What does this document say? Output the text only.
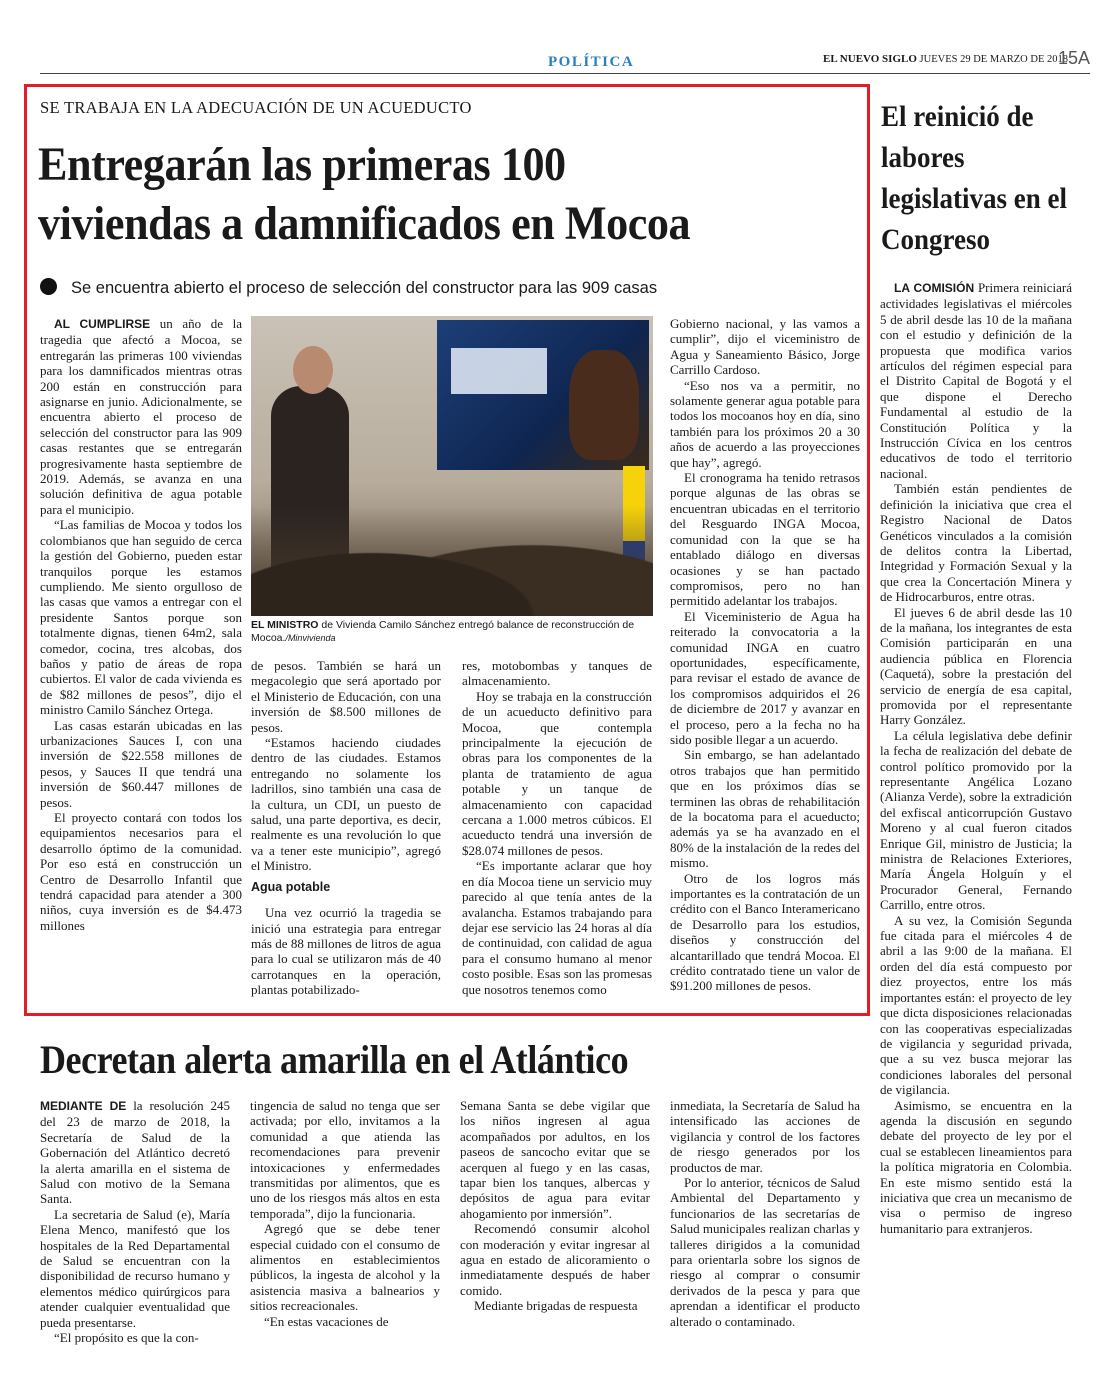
POLÍTICA	EL NUEVO SIGLO JUEVES 29 DE MARZO DE 2018
15A
SE TRABAJA EN LA ADECUACIÓN DE UN ACUEDUCTO
Entregarán las primeras 100
viviendas a damnificados en Mocoa
Se encuentra abierto el proceso de selección del constructor para las 909 casas

AL CUMPLIRSE un año de la tragedia que afectó a Mocoa, se entregarán las primeras 100 viviendas para los damnificados mientras otras 200 están en construcción para asignarse en junio. Adicionalmente, se encuentra abierto el proceso de selección del constructor para las 909 casas restantes que se entregarán progresivamente hasta septiembre de 2019. Además, se avanza en una solución definitiva de agua potable para el municipio.

“Las familias de Mocoa y todos los colombianos que han seguido de cerca la gestión del Gobierno, pueden estar tranquilos porque les estamos cumpliendo. Me siento orgulloso de las casas que vamos a entregar con el presidente Santos porque son totalmente dignas, tienen 64m2, sala comedor, cocina, tres alcobas, dos baños y patio de áreas de ropa cubiertos. El valor de cada vivienda es de $82 millones de pesos”, dijo el ministro Camilo Sánchez Ortega.

Las casas estarán ubicadas en las urbanizaciones Sauces I, con una inversión de $22.558 millones de pesos, y Sauces II que tendrá una inversión de $60.447 millones de pesos.

El proyecto contará con todos los equipamientos necesarios para el desarrollo óptimo de la comunidad. Por eso está en construcción un Centro de Desarrollo Infantil que tendrá capacidad para atender a 300 niños, cuya inversión es de $4.473 millones

EL MINISTRO de Vivienda Camilo Sánchez entregó balance de reconstrucción de Mocoa./Minvivienda

de pesos. También se hará un megacolegio que será aportado por el Ministerio de Educación, con una inversión de $8.500 millones de pesos.

“Estamos haciendo ciudades dentro de las ciudades. Estamos entregando no solamente los ladrillos, sino también una casa de la cultura, un CDI, un puesto de salud, una parte deportiva, es decir, realmente es una revolución lo que va a tener este municipio”, agregó el Ministro.

Agua potable

Una vez ocurrió la tragedia se inició una estrategia para entregar más de 88 millones de litros de agua para lo cual se utilizaron más de 40 carrotanques en la operación, plantas potabilizado-

res, motobombas y tanques de almacenamiento.

Hoy se trabaja en la construcción de un acueducto definitivo para Mocoa, que contempla principalmente la ejecución de obras para los componentes de la planta de tratamiento de agua potable y un tanque de almacenamiento con capacidad cercana a 1.000 metros cúbicos. El acueducto tendrá una inversión de $28.074 millones de pesos.

“Es importante aclarar que hoy en día Mocoa tiene un servicio muy parecido al que tenía antes de la avalancha. Estamos trabajando para dejar ese servicio las 24 horas al día de continuidad, con calidad de agua para el consumo humano al menor costo posible. Esas son las promesas que nosotros tenemos como

Gobierno nacional, y las vamos a cumplir”, dijo el viceministro de Agua y Saneamiento Básico, Jorge Carrillo Cardoso.

“Eso nos va a permitir, no solamente generar agua potable para todos los mocoanos hoy en día, sino también para los próximos 20 a 30 años de acuerdo a las proyecciones que hay”, agregó.

El cronograma ha tenido retrasos porque algunas de las obras se encuentran ubicadas en el territorio del Resguardo INGA Mocoa, comunidad con la que se ha entablado diálogo en diversas ocasiones y se han pactado compromisos, pero no han permitido adelantar los trabajos.

El Viceministerio de Agua ha reiterado la convocatoria a la comunidad INGA en cuatro oportunidades, específicamente, para revisar el estado de avance de los compromisos adquiridos el 26 de diciembre de 2017 y avanzar en el proceso, pero a la fecha no ha sido posible llegar a un acuerdo.

Sin embargo, se han adelantado otros trabajos que han permitido que en los próximos días se terminen las obras de rehabilitación de la bocatoma para el acueducto; además ya se ha avanzado en el 80% de la instalación de la redes del mismo.

Otro de los logros más importantes es la contratación de un crédito con el Banco Interamericano de Desarrollo para los estudios, diseños y construcción del alcantarillado que tendrá Mocoa. El crédito contratado tiene un valor de $91.200 millones de pesos.

El reinició de labores legislativas en el Congreso

LA COMISIÓN Primera reiniciará actividades legislativas el miércoles 5 de abril desde las 10 de la mañana con el estudio y definición de la propuesta que modifica varios artículos del régimen especial para el Distrito Capital de Bogotá y el que dispone el Derecho Fundamental al estudio de la Constitución Política y la Instrucción Cívica en los centros educativos de todo el territorio nacional.

También están pendientes de definición la iniciativa que crea el Registro Nacional de Datos Genéticos vinculados a la comisión de delitos contra la Libertad, Integridad y Formación Sexual y la que crea la Concertación Minera y de Hidrocarburos, entre otras.

El jueves 6 de abril desde las 10 de la mañana, los integrantes de esta Comisión participarán en una audiencia pública en Florencia (Caquetá), sobre la prestación del servicio de energía de esa capital, promovida por el representante Harry González.

La célula legislativa debe definir la fecha de realización del debate de control político promovido por la representante Angélica Lozano (Alianza Verde), sobre la extradición del exfiscal anticorrupción Gustavo Moreno y al cual fueron citados Enrique Gil, ministro de Justicia; la ministra de Relaciones Exteriores, María Ángela Holguín y el Procurador General, Fernando Carrillo, entre otros.

A su vez, la Comisión Segunda fue citada para el miércoles 4 de abril a las 9:00 de la mañana. El orden del día está compuesto por diez proyectos, entre los más importantes están: el proyecto de ley que dicta disposiciones relacionadas con las cooperativas especializadas de vigilancia y seguridad privada, que a su vez busca mejorar las condiciones laborales del personal de vigilancia.

Asimismo, se encuentra en la agenda la discusión en segundo debate del proyecto de ley por el cual se establecen lineamientos para la política migratoria en Colombia. En este mismo sentido está la iniciativa que crea un mecanismo de visa o permiso de ingreso humanitario para extranjeros.

Decretan alerta amarilla en el Atlántico

MEDIANTE DE la resolución 245 del 23 de marzo de 2018, la Secretaría de Salud de la Gobernación del Atlántico decretó la alerta amarilla en el sistema de Salud con motivo de la Semana Santa.

La secretaria de Salud (e), María Elena Menco, manifestó que los hospitales de la Red Departamental de Salud se encuentran con la disponibilidad de recurso humano y elementos médico quirúrgicos para atender cualquier eventualidad que pueda presentarse.

“El propósito es que la con-

tingencia de salud no tenga que ser activada; por ello, invitamos a la comunidad a que atienda las recomendaciones para prevenir intoxicaciones y enfermedades transmitidas por alimentos, que es uno de los riesgos más altos en esta temporada”, dijo la funcionaria.

Agregó que se debe tener especial cuidado con el consumo de alimentos en establecimientos públicos, la ingesta de alcohol y la asistencia masiva a balnearios y sitios recreacionales.

“En estas vacaciones de

Semana Santa se debe vigilar que los niños ingresen al agua acompañados por adultos, en los paseos de sancocho evitar que se acerquen al fuego y en las casas, tapar bien los tanques, albercas y depósitos de agua para evitar ahogamiento por inmersión”.

Recomendó consumir alcohol con moderación y evitar ingresar al agua en estado de alicoramiento o inmediatamente después de haber comido.

Mediante brigadas de respuesta

inmediata, la Secretaría de Salud ha intensificado las acciones de vigilancia y control de los factores de riesgo generados por los productos de mar.

Por lo anterior, técnicos de Salud Ambiental del Departamento y funcionarios de las secretarías de Salud municipales realizan charlas y talleres dirigidos a la comunidad para orientarla sobre los signos de riesgo al comprar o consumir derivados de la pesca y para que aprendan a identificar el producto alterado o contaminado.
